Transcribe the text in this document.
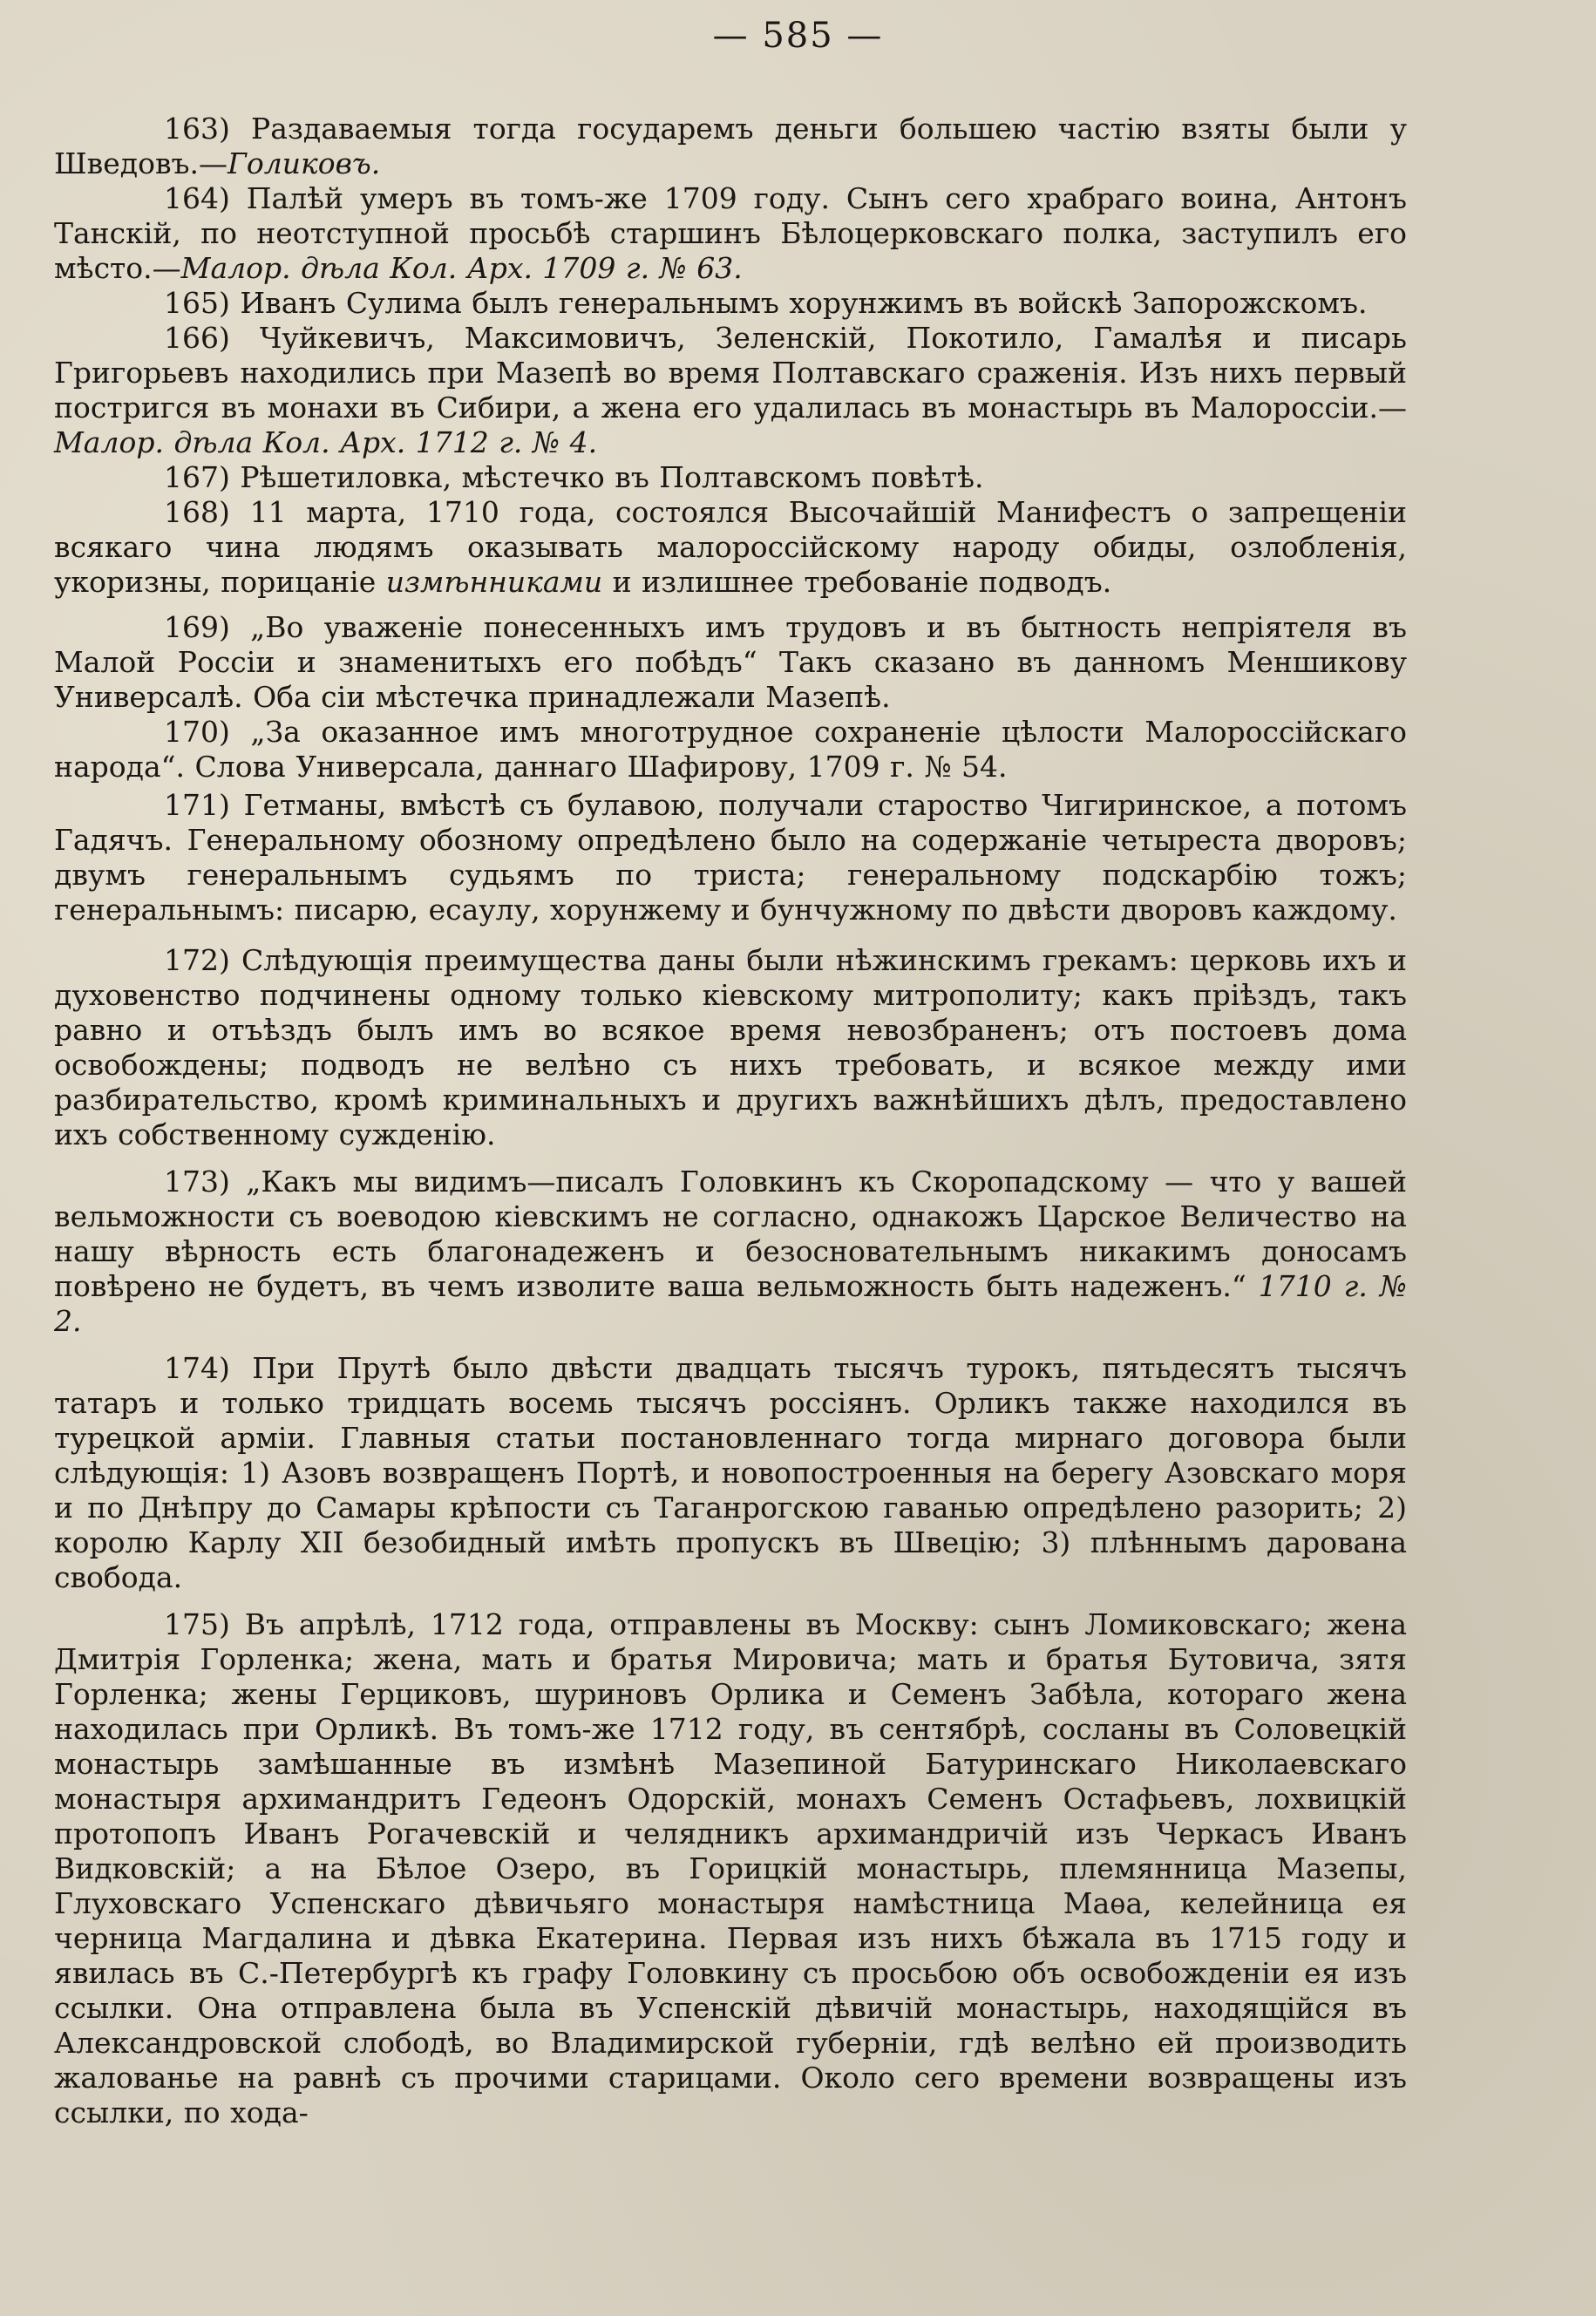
— 585 —

163) Раздаваемыя тогда государемъ деньги большею частію взяты были у Шведовъ.—Голиковъ.

164) Палѣй умеръ въ томъ-же 1709 году. Сынъ сего храбраго воина, Антонъ Танскій, по неотступной просьбѣ старшинъ Бѣлоцерковскаго полка, заступилъ его мѣсто.—Малор. дѣла Кол. Арх. 1709 г. № 63.

165) Иванъ Сулима былъ генеральнымъ хорунжимъ въ войскѣ Запорожскомъ.

166) Чуйкевичъ, Максимовичъ, Зеленскій, Покотило, Гамалѣя и писарь Григорьевъ находились при Мазепѣ во время Полтавскаго сраженія. Изъ нихъ первый постригся въ монахи въ Сибири, а жена его удалилась въ монастырь въ Малороссіи.—Малор. дѣла Кол. Арх. 1712 г. № 4.

167) Рѣшетиловка, мѣстечко въ Полтавскомъ повѣтѣ.

168) 11 марта, 1710 года, состоялся Высочайшій Манифестъ о запрещеніи всякаго чина людямъ оказывать малороссійскому народу обиды, озлобленія, укоризны, порицаніе измѣнниками и излишнее требованіе подводъ.

169) „Во уваженіе понесенныхъ имъ трудовъ и въ бытность непріятеля въ Малой Россіи и знаменитыхъ его побѣдъ“ Такъ сказано въ данномъ Меншикову Универсалѣ. Оба сіи мѣстечка принадлежали Мазепѣ.

170) „За оказанное имъ многотрудное сохраненіе цѣлости Малороссійскаго народа“. Слова Универсала, даннаго Шафирову, 1709 г. № 54.

171) Гетманы, вмѣстѣ съ булавою, получали староство Чигиринское, а потомъ Гадячъ. Генеральному обозному опредѣлено было на содержаніе четыреста дворовъ; двумъ генеральнымъ судьямъ по триста; генеральному подскарбію тожъ; генеральнымъ: писарю, есаулу, хорунжему и бунчужному по двѣсти дворовъ каждому.

172) Слѣдующія преимущества даны были нѣжинскимъ грекамъ: церковь ихъ и духовенство подчинены одному только кіевскому митрополиту; какъ пріѣздъ, такъ равно и отъѣздъ былъ имъ во всякое время невозбраненъ; отъ постоевъ дома освобождены; подводъ не велѣно съ нихъ требовать, и всякое между ими разбирательство, кромѣ криминальныхъ и другихъ важнѣйшихъ дѣлъ, предоставлено ихъ собственному сужденію.

173) „Какъ мы видимъ—писалъ Головкинъ къ Скоропадскому — что у вашей вельможности съ воеводою кіевскимъ не согласно, однакожъ Царское Величество на нашу вѣрность есть благонадеженъ и безосновательнымъ никакимъ доносамъ повѣрено не будетъ, въ чемъ изволите ваша вельможность быть надеженъ.“ 1710 г. № 2.

174) При Прутѣ было двѣсти двадцать тысячъ турокъ, пятьдесятъ тысячъ татаръ и только тридцать восемь тысячъ россіянъ. Орликъ также находился въ турецкой арміи. Главныя статьи постановленнаго тогда мирнаго договора были слѣдующія: 1) Азовъ возвращенъ Портѣ, и новопостроенныя на берегу Азовскаго моря и по Днѣпру до Самары крѣпости съ Таганрогскою гаванью опредѣлено разорить; 2) королю Карлу XII безобидный имѣть пропускъ въ Швецію; 3) плѣннымъ дарована свобода.

175) Въ апрѣлѣ, 1712 года, отправлены въ Москву: сынъ Ломиковскаго; жена Дмитрія Горленка; жена, мать и братья Мировича; мать и братья Бутовича, зятя Горленка; жены Герциковъ, шуриновъ Орлика и Семенъ Забѣла, котораго жена находилась при Орликѣ. Въ томъ-же 1712 году, въ сентябрѣ, сосланы въ Соловецкій монастырь замѣшанные въ измѣнѣ Мазепиной Батуринскаго Николаевскаго монастыря архимандритъ Гедеонъ Одорскій, монахъ Семенъ Остафьевъ, лохвицкій протопопъ Иванъ Рогачевскій и челядникъ архимандричій изъ Черкасъ Иванъ Видковскій; а на Бѣлое Озеро, въ Горицкій монастырь, племянница Мазепы, Глуховскаго Успенскаго дѣвичьяго монастыря намѣстница Маѳа, келейница ея черница Магдалина и дѣвка Екатерина. Первая изъ нихъ бѣжала въ 1715 году и явилась въ С.-Петербургѣ къ графу Головкину съ просьбою объ освобожденіи ея изъ ссылки. Она отправлена была въ Успенскій дѣвичій монастырь, находящійся въ Александровской слободѣ, во Владимирской губерніи, гдѣ велѣно ей производить жалованье на равнѣ съ прочими старицами. Около сего времени возвращены изъ ссылки, по хода-
